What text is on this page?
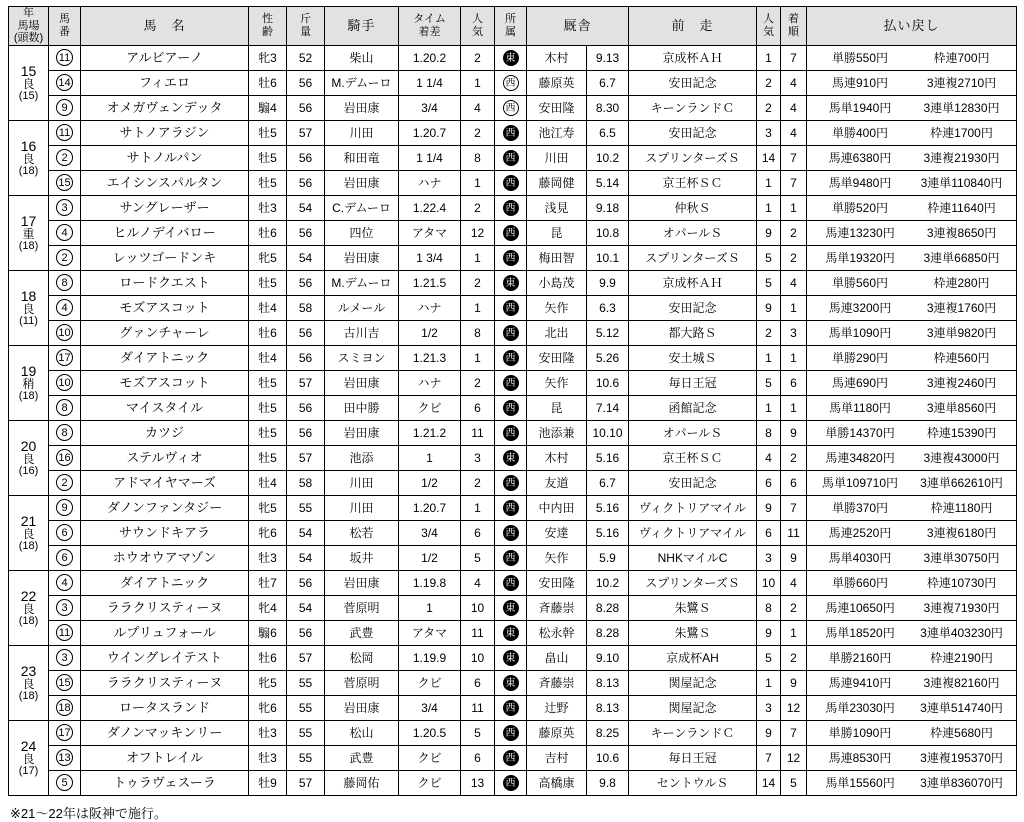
年
馬場
(頭数)

馬
番	馬　名	性
齢

斤
量	騎手	タイム
着差

人
気

所
属	厩舎	前　走	人
気

着
順	払い戻し

15
良
(15)
	11	アルビアーノ	牝3	52	柴山	1.20.2	2	東	木村	9.13	京成杯ＡＨ	1	7	単勝550円	枠連700円

	14	フィエロ	牡6	56	M.デムーロ	1 1/4	1	西	藤原英	6.7	安田記念	2	4	馬連910円 3連複2710円

	9	オメガヴェンデッタ	騸4	56	岩田康	3/4	4	西	安田隆	8.30	キーンランドＣ	2	4	馬単1940円 3連単12830円

16
良
(18)
	11	サトノアラジン	牡5	57	川田	1.20.7	2	西	池江寿	6.5	安田記念	3	4	単勝400円	枠連1700円

	2	サトノルパン	牡5	56	和田竜	1 1/4	8	西	川田	10.2	スプリンターズＳ	14	7	馬連6380円 3連複21930円

	15	エイシンスパルタン	牡5	56	岩田康	ハナ	1	西	藤岡健	5.14	京王杯ＳＣ	1	7	馬単9480円 3連単110840円

17
重
(18)
	3	サングレーザー	牡3	54	C.デムーロ	1.22.4	2	西	浅見	9.18	仲秋Ｓ	1	1	単勝520円	枠連11640円

	4	ヒルノデイバロー	牡6	56	四位	アタマ	12	西	昆	10.8	オパールＳ	9	2	馬連13230円 3連複8650円

	2	レッツゴードンキ	牝5	54	岩田康	1 3/4	1	西	梅田智	10.1	スプリンターズＳ	5	2	馬単19320円 3連単66850円

18
良
(11)
	8	ロードクエスト	牡5	56	M.デムーロ	1.21.5	2	東	小島茂	9.9	京成杯ＡＨ	5	4	単勝560円	枠連280円

	4	モズアスコット	牡4	58	ルメール	ハナ	1	西	矢作	6.3	安田記念	9	1	馬連3200円 3連複1760円

	10	グァンチャーレ	牡6	56	古川吉	1/2	8	西	北出	5.12	都大路Ｓ	2	3	馬単1090円 3連単9820円

19
稍
(18)
	17	ダイアトニック	牡4	56	スミヨン	1.21.3	1	西	安田隆	5.26	安土城Ｓ	1	1	単勝290円	枠連560円

	10	モズアスコット	牡5	57	岩田康	ハナ	2	西	矢作	10.6	毎日王冠	5	6	馬連690円 3連複2460円

	8	マイスタイル	牡5	56	田中勝	クビ	6	西	昆	7.14	函館記念	1	1	馬単1180円 3連単8560円

20
良
(16)
	8	カツジ	牡5	56	岩田康	1.21.2	11	西	池添兼	10.10	オパールＳ	8	9	単勝14370円	枠連15390円

	16	ステルヴィオ	牡5	57	池添	1	3	東	木村	5.16	京王杯ＳＣ	4	2	馬連34820円 3連複43000円

	2	アドマイヤマーズ	牡4	58	川田	1/2	2	西	友道	6.7	安田記念	6	6	馬単109710円 3連単662610円

21
良
(18)
	9	ダノンファンタジー	牝5	55	川田	1.20.7	1	西	中内田	5.16	ヴィクトリアマイル	9	7	単勝370円	枠連1180円

	6	サウンドキアラ	牝6	54	松若	3/4	6	西	安達	5.16	ヴィクトリアマイル	6	11	馬連2520円 3連複6180円

	6	ホウオウアマゾン	牡3	54	坂井	1/2	5	西	矢作	5.9	NHKマイルC	3	9	馬単4030円 3連単30750円

22
良
(18)
	4	ダイアトニック	牡7	56	岩田康	1.19.8	4	西	安田隆	10.2	スプリンターズＳ	10	4	単勝660円	枠連10730円

	3	ララクリスティーヌ	牝4	54	菅原明	1	10	東	斉藤崇	8.28	朱鷺Ｓ	8	2	馬連10650円 3連複71930円

	11	ルプリュフォール	騸6	56	武豊	アタマ	11	東	松永幹	8.28	朱鷺Ｓ	9	1	馬単18520円 3連単403230円

23
良
(18)
	3	ウイングレイテスト	牡6	57	松岡	1.19.9	10	東	畠山	9.10	京成杯AH	5	2	単勝2160円	枠連2190円

	15	ララクリスティーヌ	牝5	55	菅原明	クビ	6	東	斉藤崇	8.13	関屋記念	1	9	馬連9410円 3連複82160円

	18	ロータスランド	牝6	55	岩田康	3/4	11	西	辻野	8.13	関屋記念	3	12	馬単23030円 3連単514740円

24
良
(17)
	17	ダノンマッキンリー	牡3	55	松山	1.20.5	5	西	藤原英	8.25	キーンランドＣ	9	7	単勝1090円	枠連5680円

	13	オフトレイル	牡3	55	武豊	クビ	6	西	吉村	10.6	毎日王冠	7	12	馬連8530円 3連複195370円

	5	トゥラヴェスーラ	牡9	57	藤岡佑	クビ	13	西	高橋康	9.8	セントウルＳ	14	5	馬単15560円 3連単836070円
※21〜22年は阪神で施行。
